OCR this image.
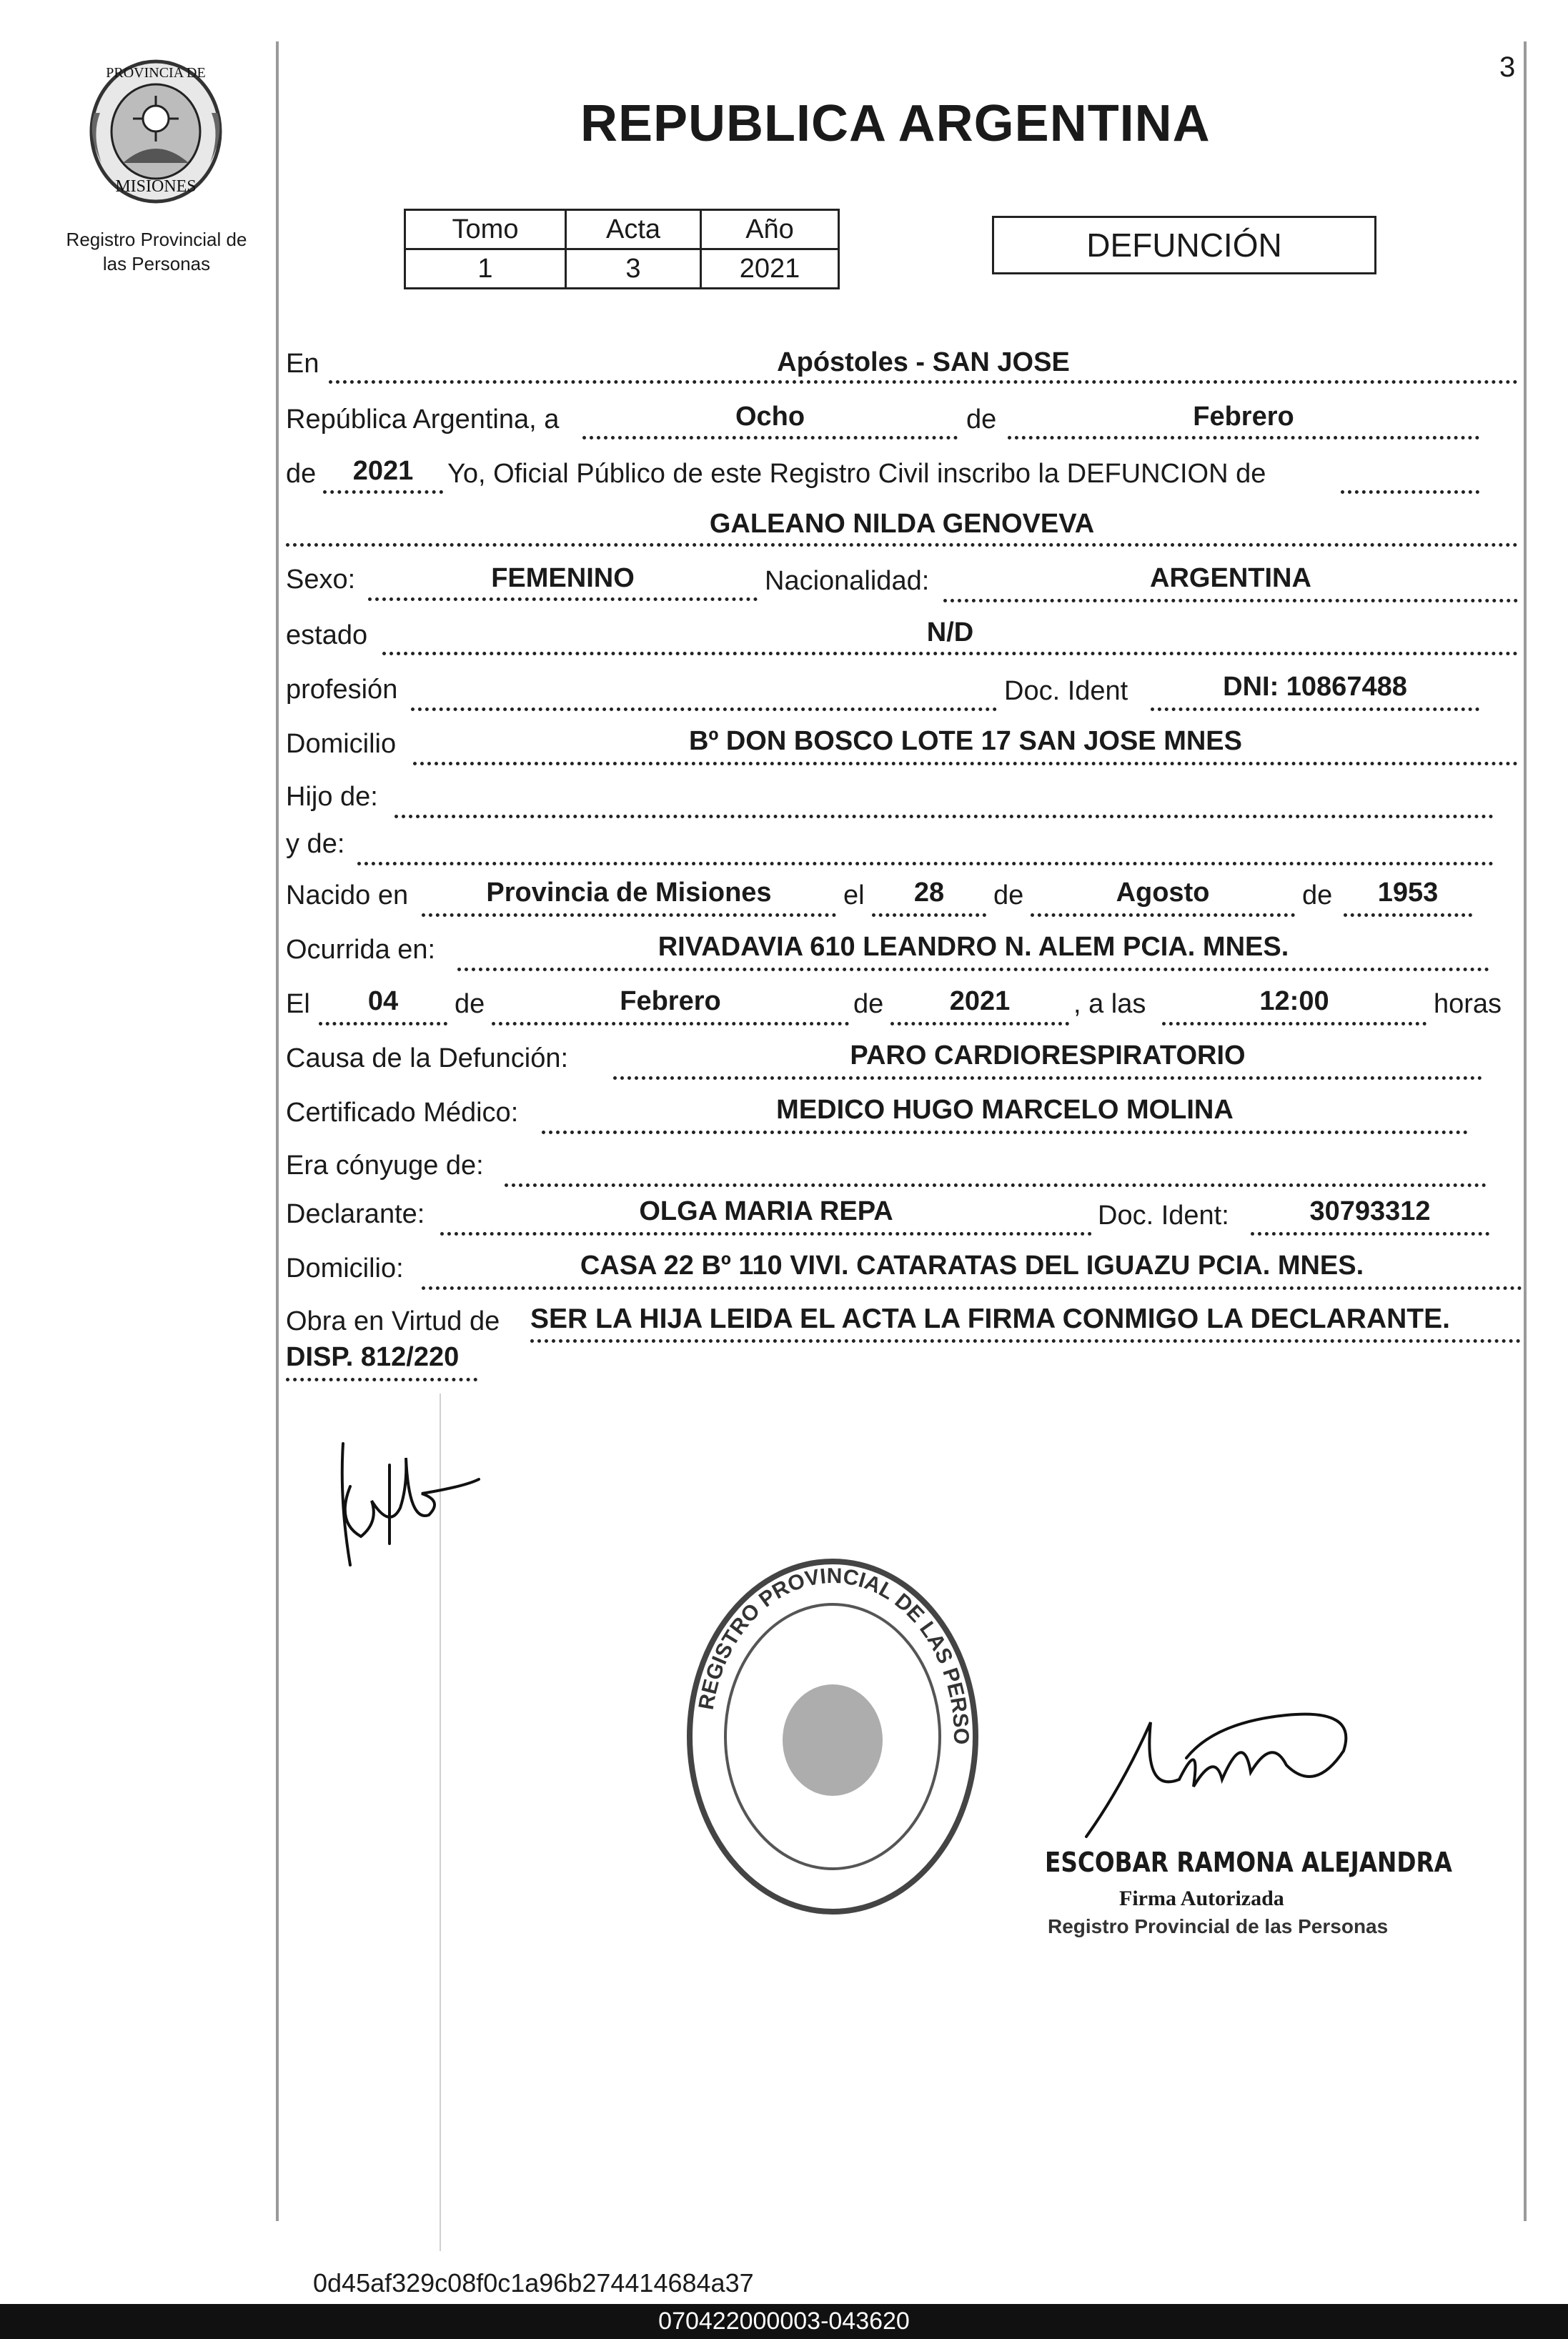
3
PROVINCIA DE
MISIONES
Registro Provincial de
las Personas
REPUBLICA ARGENTINA
Tomo	Acta	Año
1	3	2021
DEFUNCIÓN
En	Apóstoles - SAN JOSE
República Argentina, a	Ocho	de	Febrero
de	2021	Yo, Oficial Público de este Registro Civil inscribo la DEFUNCION de
GALEANO NILDA GENOVEVA
Sexo:	FEMENINO	Nacionalidad:	ARGENTINA
estado	N/D
profesión	Doc. Ident	DNI: 10867488
Domicilio	Bº DON BOSCO LOTE 17 SAN JOSE MNES
Hijo de:
y de:
Nacido en	Provincia de Misiones	el	28	de	Agosto	de	1953
Ocurrida en:	RIVADAVIA 610 LEANDRO N. ALEM PCIA. MNES.
El	04	de	Febrero	de	2021	, a las	12:00	horas
Causa de la Defunción:	PARO CARDIORESPIRATORIO
Certificado Médico:	MEDICO HUGO MARCELO MOLINA
Era cónyuge de:
Declarante:	OLGA MARIA REPA	Doc. Ident:	30793312
Domicilio:	CASA 22 Bº 110 VIVI. CATARATAS DEL IGUAZU PCIA. MNES.
Obra en Virtud de SER LA HIJA LEIDA EL ACTA LA FIRMA CONMIGO LA DECLARANTE.
DISP. 812/220
REGISTRO PROVINCIAL DE LAS PERSO
ESCOBAR RAMONA ALEJANDRA
Firma Autorizada
Registro Provincial de las Personas
0d45af329c08f0c1a96b274414684a37
070422000003-043620
